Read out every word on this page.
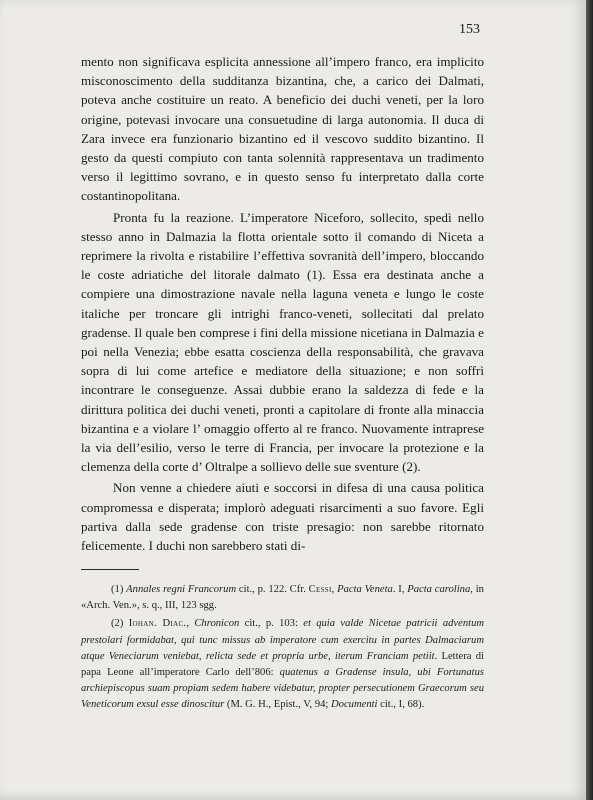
153

mento non significava esplicita annessione all’impero franco, era implicito misconoscimento della sudditanza bizantina, che, a carico dei Dalmati, poteva anche costituire un reato. A beneficio dei duchi veneti, per la loro origine, potevasi invocare una consuetudine di larga autonomia. Il duca di Zara invece era funzionario bizantino ed il vescovo suddito bizantino. Il gesto da questi compiuto con tanta solennità rappresentava un tradimento verso il legittimo sovrano, e in questo senso fu interpretato dalla corte costantinopolitana.

Pronta fu la reazione. L’imperatore Niceforo, sollecito, spedì nello stesso anno in Dalmazia la flotta orientale sotto il comando di Niceta a reprimere la rivolta e ristabilire l’effettiva sovranità dell’impero, bloccando le coste adriatiche del litorale dalmato (1). Essa era destinata anche a compiere una dimostrazione navale nella laguna veneta e lungo le coste italiche per troncare gli intrighi franco-veneti, sollecitati dal prelato gradense. Il quale ben comprese i fini della missione nicetiana in Dalmazia e poi nella Venezia; ebbe esatta coscienza della responsabilità, che gravava sopra di lui come artefice e mediatore della situazione; e non soffrì incontrare le conseguenze. Assai dubbie erano la saldezza di fede e la dirittura politica dei duchi veneti, pronti a capitolare di fronte alla minaccia bizantina e a violare l’ omaggio offerto al re franco. Nuovamente intraprese la via dell’esilio, verso le terre di Francia, per invocare la protezione e la clemenza della corte d’ Oltralpe a sollievo delle sue sventure (2).

Non venne a chiedere aiuti e soccorsi in difesa di una causa politica compromessa e disperata; implorò adeguati risarcimenti a suo favore. Egli partiva dalla sede gradense con triste presagio: non sarebbe ritornato felicemente. I duchi non sarebbero stati di-

(1) Annales regni Francorum cit., p. 122. Cfr. Cessi, Pacta Veneta. I, Pacta carolina, in «Arch. Ven.», s. q., III, 123 sgg.

(2) Iohan. Diac., Chronicon cit., p. 103: et quia valde Nicetae patricii adventum prestolari formidabat, qui tunc missus ab imperatore cum exercitu in partes Dalmaciarum atque Veneciarum veniebat, relicta sede et propria urbe, iterum Franciam petiit. Lettera di papa Leone all’imperatore Carlo dell’806: quatenus a Gradense insula, ubi Fortunatus archiepiscopus suam propiam sedem habere videbatur, propter persecutionem Graecorum seu Veneticorum exsul esse dinoscitur (M. G. H., Epist., V, 94; Documenti cit., I, 68).
